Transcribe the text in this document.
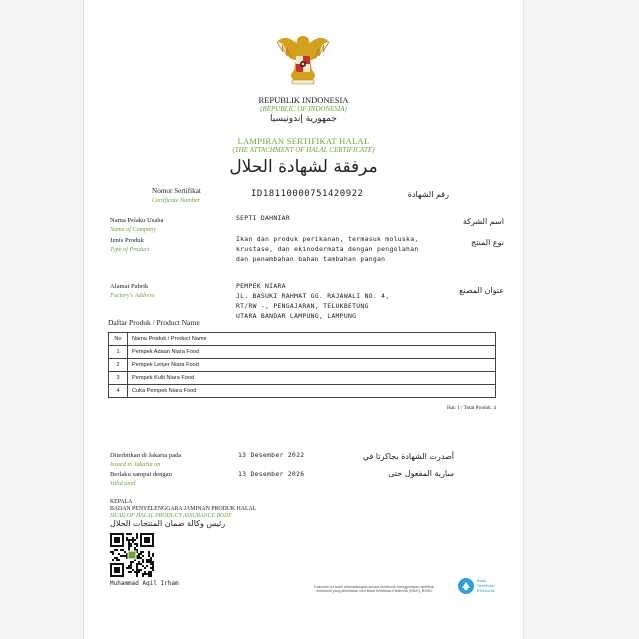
REPUBLIK INDONESIA
(REPUBLIC OF INDONESIA)
جمهورية إندونيسيا
LAMPIRAN SERTIFIKAT HALAL
(THE ATTACHMENT OF HALAL CERTIFICATE)
مرفقة لشهادة الحلال
Nomor Sertifikat
Certificate Number
ID18110000751420922	رقم الشهادة
Nama Pelaku Usaha
Name of Company
SEPTI DAHNIAR	اسم الشركة
Jenis Produk
Type of Product
Ikan dan produk perikanan, termasuk moluska,
krustase, dan ekinodermata dengan pengolahan
dan penambahan bahan tambahan pangan
نوع المنتج
Alamat Pabrik
Factory's Address
PEMPEK NIARA
JL. BASUKI RAHMAT GG. RAJAWALI NO. 4,
RT/RW -, PENGAJARAN, TELUKBETUNG
UTARA BANDAR LAMPUNG, LAMPUNG
عنوان المصنع
Daftar Produk / Product Name
No	Nama Produk / Product Name
1	Pempek Adaan Niara Food
2	Pempek Lenjer Niara Food
3	Pempek Kulit Niara Food
4	Cuka Pempek Niara Food
Hal: 1 / Total Produk: 4
Diterbitkan di Jakarta pada
Issued in Jakarta on
13 Desember 2022	أصدرت الشهادة بجاكرتا في
Berlaku sampai dengan
Valid until
13 Desember 2026	سارية المفعول حتى
KEPALA
BADAN PENYELENGGARA JAMINAN PRODUK HALAL
HEAD OF HALAL PRODUCT ASSURANCE BODY
رئيس وكالة ضمان المنتجات الحلال
Muhammad Aqil Irham	Dokumen ini telah ditandatangani secara elektronik menggunakan sertifikat
elektronik yang diterbitkan oleh Balai Sertifikasi Elektronik (BSrE), BSSN
Balai
Sertifikasi
Elektronik
